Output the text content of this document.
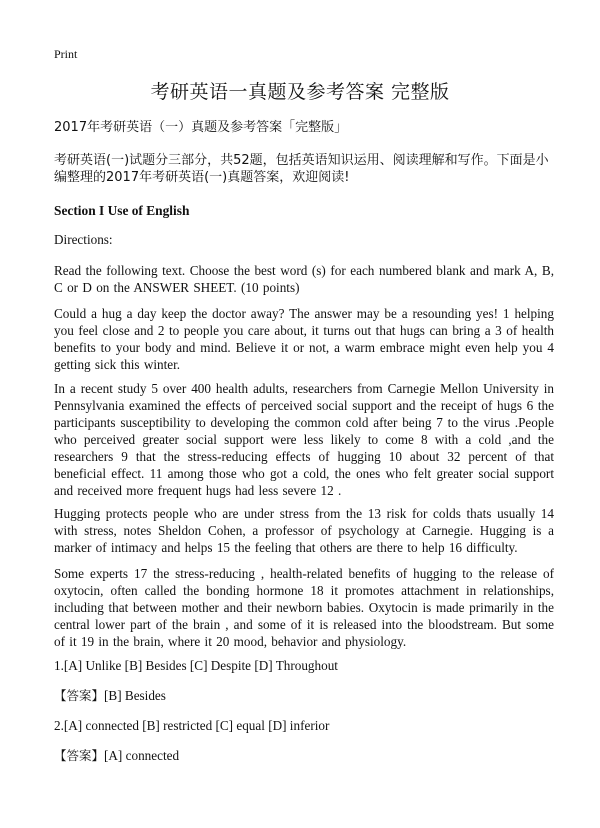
Print
考研英语一真题及参考答案 完整版
2017年考研英语（一）真题及参考答案「完整版」
考研英语(一)试题分三部分，共52题，包括英语知识运用、阅读理解和写作。下面是小编整理的2017年考研英语(一)真题答案，欢迎阅读!
Section I Use of English
Directions:
Read the following text. Choose the best word (s) for each numbered blank and mark A, B, C or D on the ANSWER SHEET. (10 points)
Could a hug a day keep the doctor away? The answer may be a resounding yes! 1 helping you feel close and 2 to people you care about, it turns out that hugs can bring a 3 of health benefits to your body and mind. Believe it or not, a warm embrace might even help you 4 getting sick this winter.
In a recent study 5 over 400 health adults, researchers from Carnegie Mellon University in Pennsylvania examined the effects of perceived social support and the receipt of hugs 6 the participants susceptibility to developing the common cold after being 7 to the virus .People who perceived greater social support were less likely to come 8 with a cold ,and the researchers 9 that the stress-reducing effects of hugging 10 about 32 percent of that beneficial effect. 11 among those who got a cold, the ones who felt greater social support and received more frequent hugs had less severe 12 .
Hugging protects people who are under stress from the 13 risk for colds thats usually 14 with stress, notes Sheldon Cohen, a professor of psychology at Carnegie. Hugging is a marker of intimacy and helps 15 the feeling that others are there to help 16 difficulty.
Some experts 17 the stress-reducing , health-related benefits of hugging to the release of oxytocin, often called the bonding hormone 18 it promotes attachment in relationships, including that between mother and their newborn babies. Oxytocin is made primarily in the central lower part of the brain , and some of it is released into the bloodstream. But some of it 19 in the brain, where it 20 mood, behavior and physiology.
1.[A] Unlike [B] Besides [C] Despite [D] Throughout
【答案】[B] Besides
2.[A] connected [B] restricted [C] equal [D] inferior
【答案】[A] connected
